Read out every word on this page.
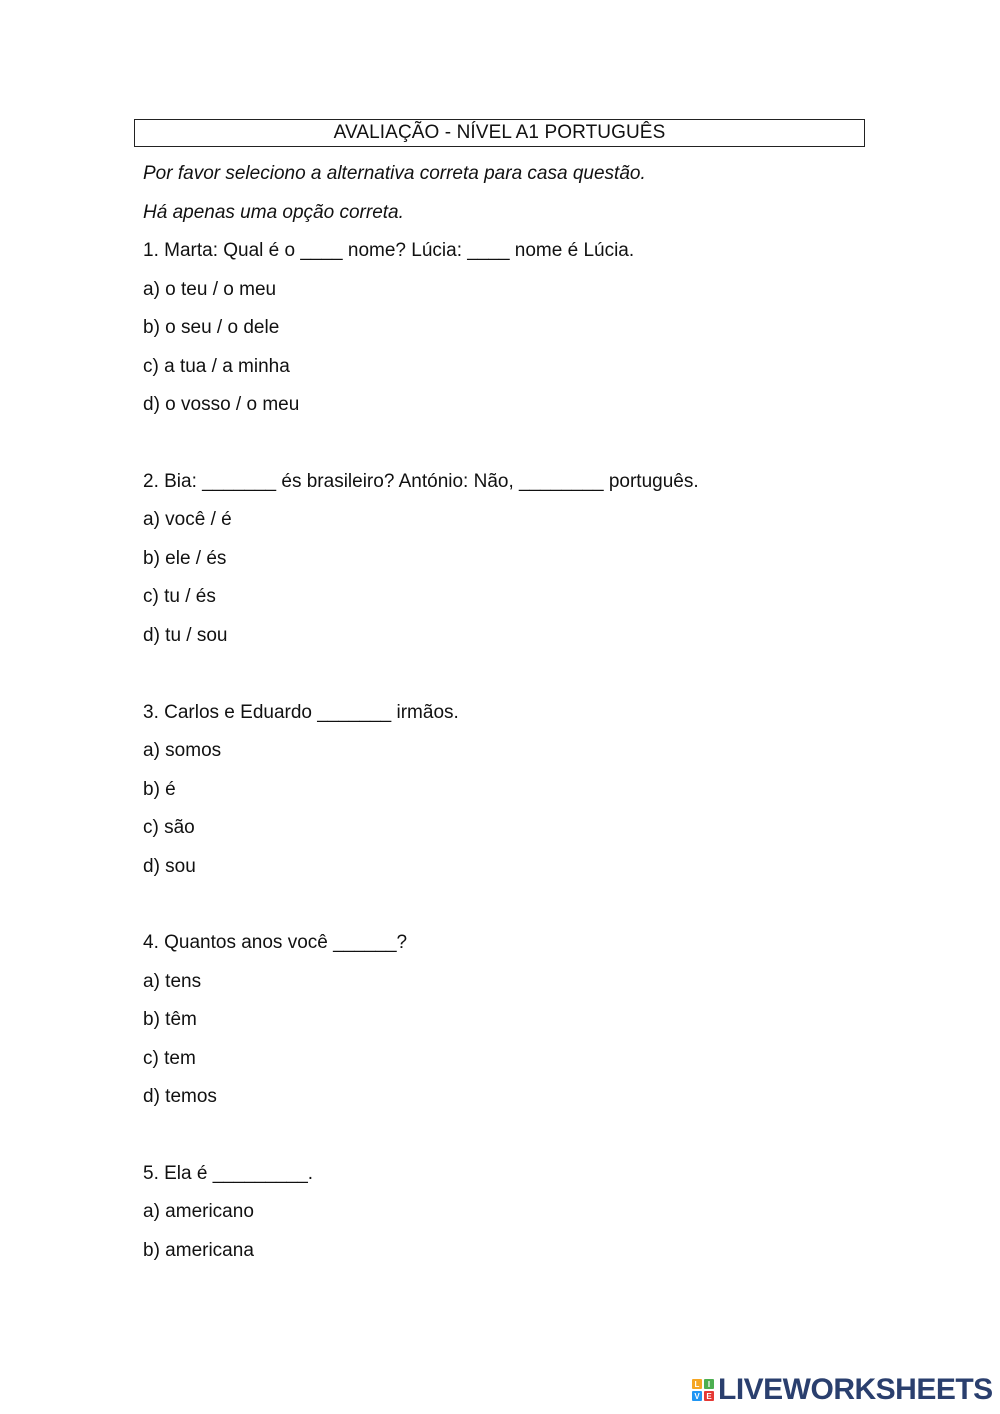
AVALIAÇÃO - NÍVEL A1 PORTUGUÊS
Por favor seleciono a alternativa correta para casa questão.
Há apenas uma opção correta.
1. Marta: Qual é o ____ nome? Lúcia: ____ nome é Lúcia.
a) o teu / o meu
b) o seu / o dele
c) a tua / a minha
d) o vosso / o meu
2. Bia: _______ és brasileiro? António: Não, ________ português.
a) você / é
b) ele / és
c) tu / és
d) tu / sou
3. Carlos e Eduardo _______ irmãos.
a) somos
b) é
c) são
d) sou
4. Quantos anos você ______?
a) tens
b) têm
c) tem
d) temos
5. Ela é _________.
a) americano
b) americana
L	I
V E LIVEWORKSHEETS
